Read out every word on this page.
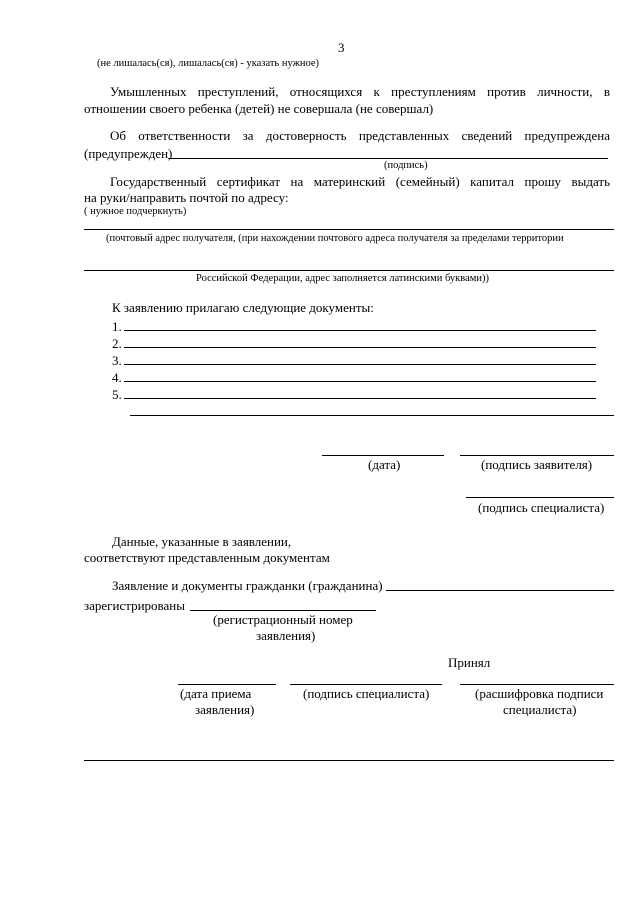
3
(не лишалась(ся), лишалась(ся) - указать нужное)
Умышленных преступлений, относящихся к преступлениям против личности, в
отношении своего ребенка (детей) не совершала (не совершал)
Об ответственности за достоверность представленных сведений предупреждена
(предупрежден)
(подпись)
Государственный сертификат на материнский (семейный) капитал прошу выдать
на руки/направить почтой по адресу:
( нужное подчеркнуть)
(почтовый адрес получателя, (при нахождении почтового адреса получателя за пределами территории
Российской Федерации, адрес заполняется латинскими буквами))
К заявлению прилагаю следующие документы:
1.
2.
3.
4.
5.
(дата)	(подпись заявителя)
(подпись специалиста)
Данные, указанные в заявлении,
соответствуют представленным документам
Заявление и документы гражданки (гражданина)
зарегистрированы
(регистрационный номер
заявления)
Принял
(дата приема
заявления)
(подпись специалиста)	(расшифровка подписи
специалиста)
